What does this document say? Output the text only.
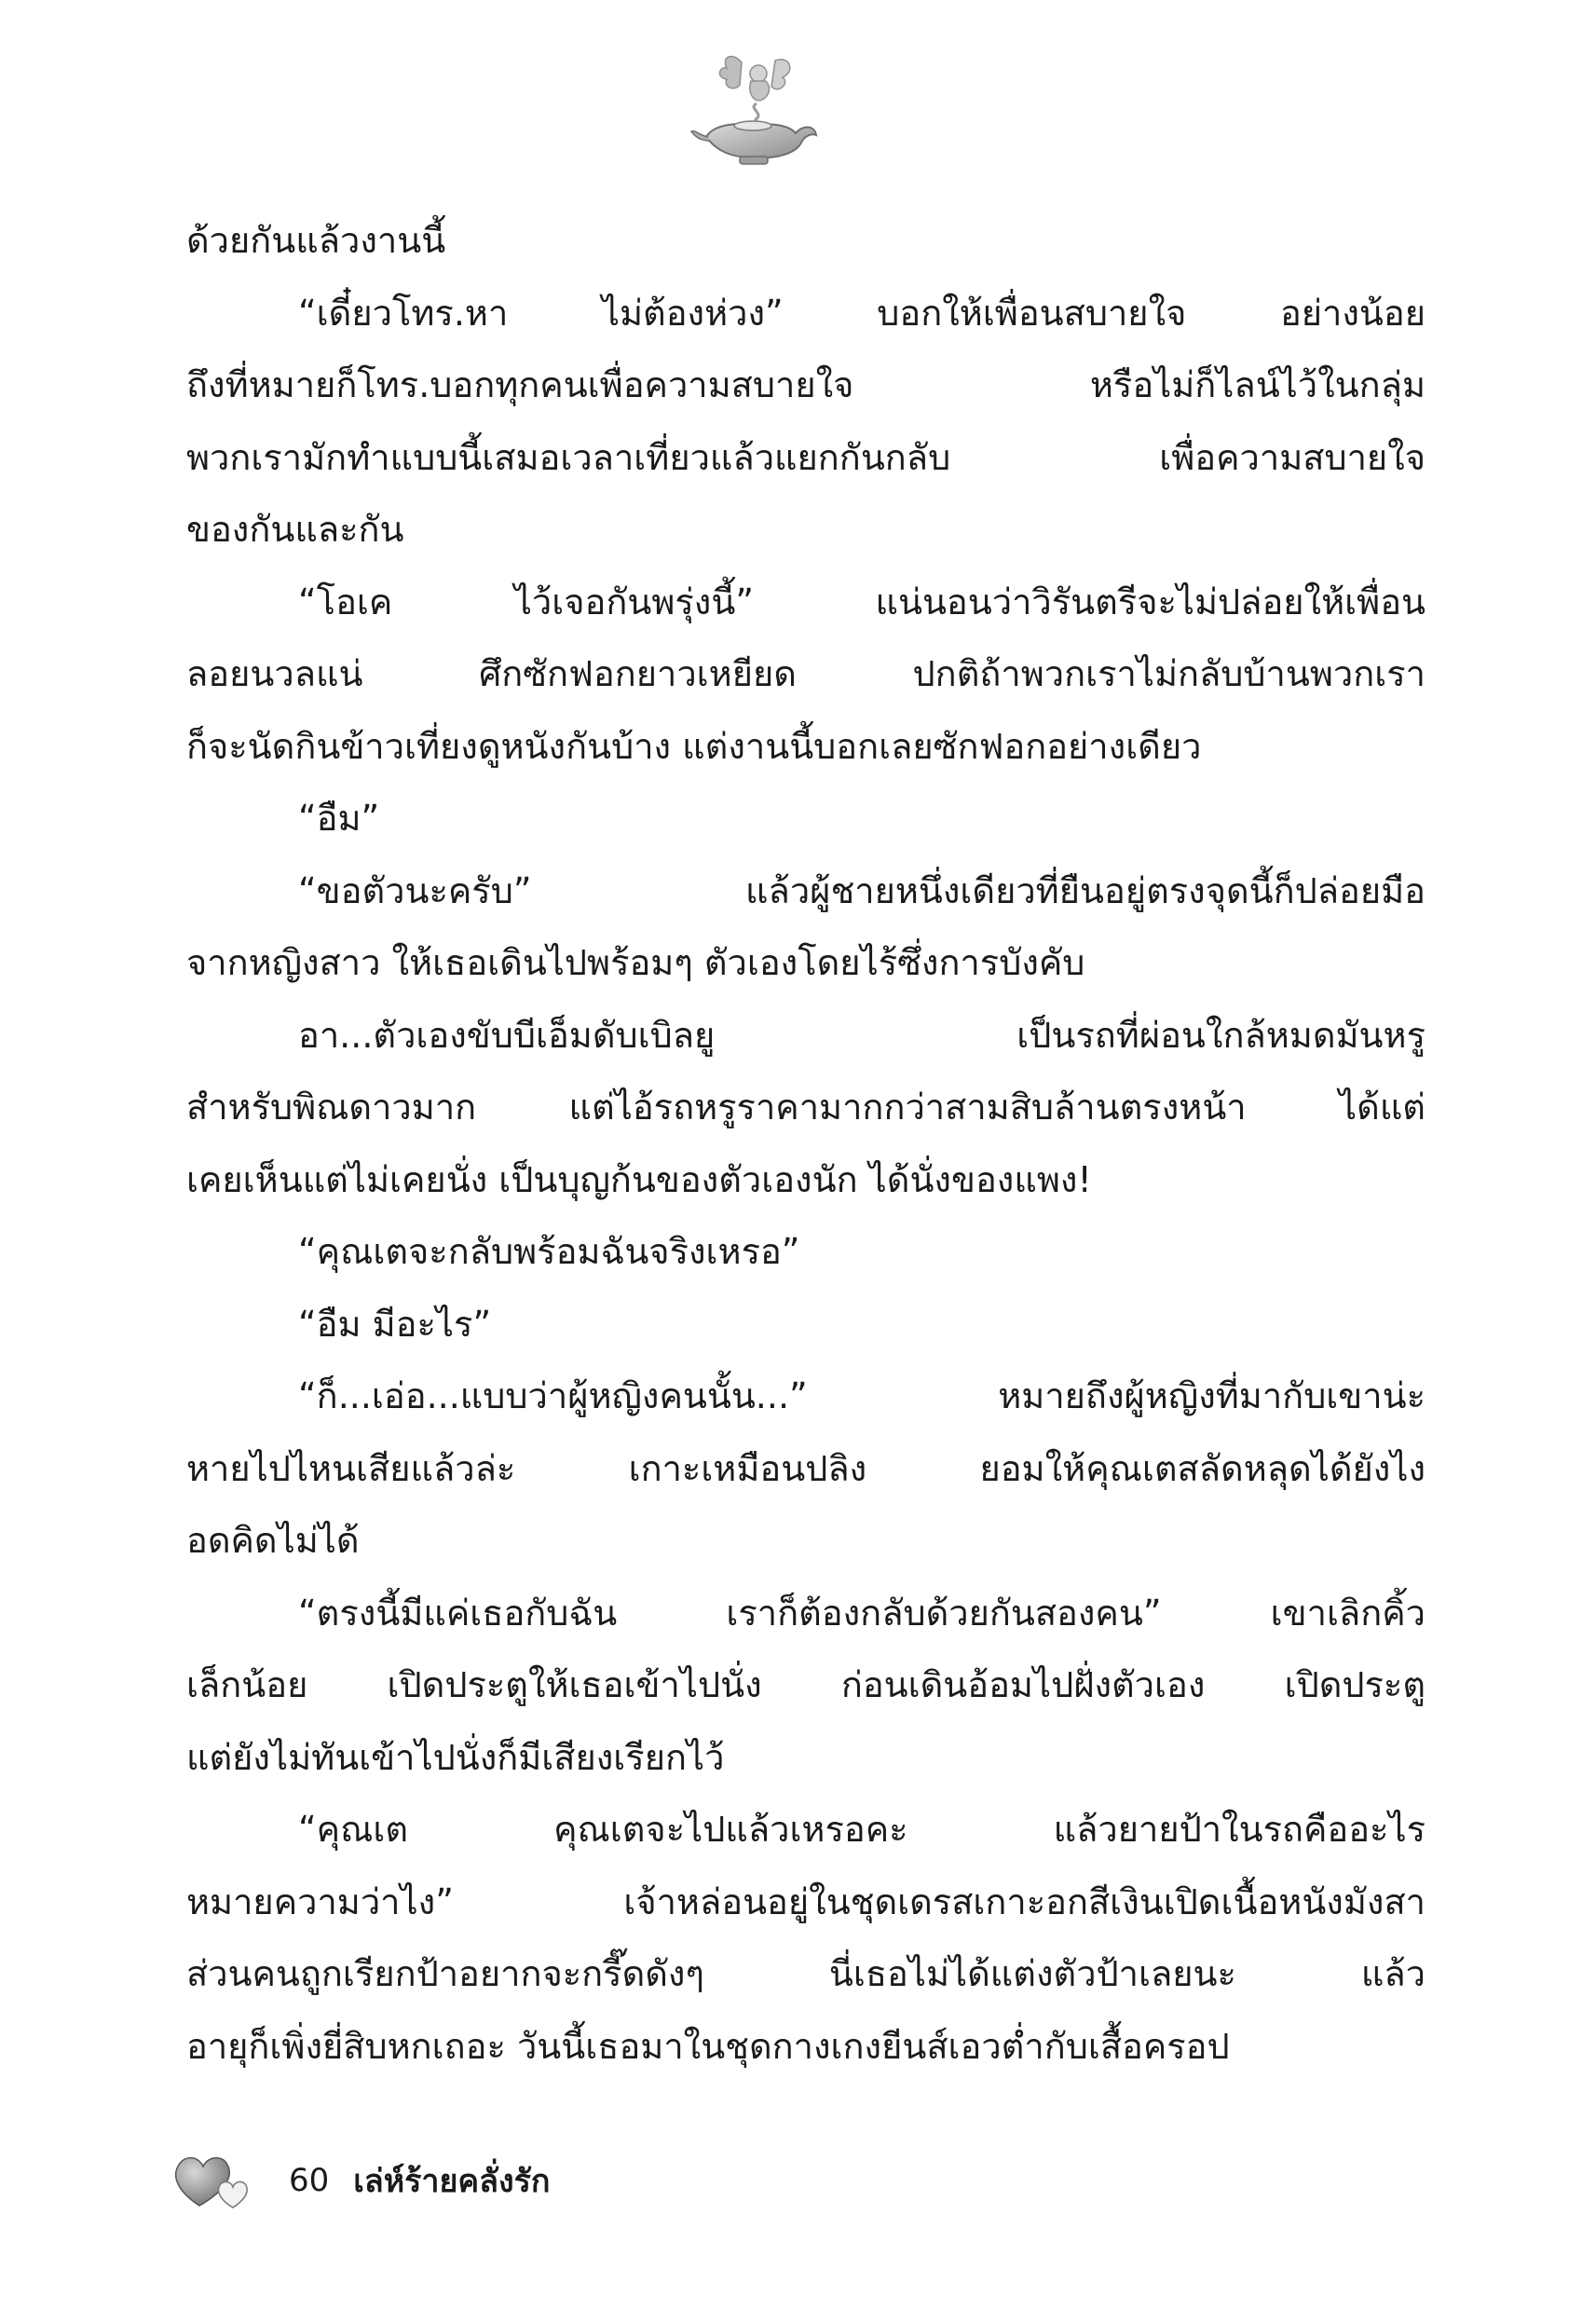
ด้วยกันแล้วงานนี้
“เดี๋ยวโทร.หา ไม่ต้องห่วง” บอกให้เพื่อนสบายใจ อย่างน้อย
ถึงที่หมายก็โทร.บอกทุกคนเพื่อความสบายใจ หรือไม่ก็ไลน์ไว้ในกลุ่ม
พวกเรามักทำแบบนี้เสมอเวลาเที่ยวแล้วแยกกันกลับ เพื่อความสบายใจ
ของกันและกัน
“โอเค ไว้เจอกันพรุ่งนี้” แน่นอนว่าวิรันตรีจะไม่ปล่อยให้เพื่อน
ลอยนวลแน่ ศึกซักฟอกยาวเหยียด ปกติถ้าพวกเราไม่กลับบ้านพวกเรา
ก็จะนัดกินข้าวเที่ยงดูหนังกันบ้าง แต่งานนี้บอกเลยซักฟอกอย่างเดียว
“อืม”
“ขอตัวนะครับ” แล้วผู้ชายหนึ่งเดียวที่ยืนอยู่ตรงจุดนี้ก็ปล่อยมือ
จากหญิงสาว ให้เธอเดินไปพร้อมๆ ตัวเองโดยไร้ซึ่งการบังคับ
อา...ตัวเองขับบีเอ็มดับเบิลยู เป็นรถที่ผ่อนใกล้หมดมันหรู
สำหรับพิณดาวมาก แต่ไอ้รถหรูราคามากกว่าสามสิบล้านตรงหน้า ได้แต่
เคยเห็นแต่ไม่เคยนั่ง เป็นบุญก้นของตัวเองนัก ได้นั่งของแพง!
“คุณเตจะกลับพร้อมฉันจริงเหรอ”
“อืม มีอะไร”
“ก็...เอ่อ...แบบว่าผู้หญิงคนนั้น...” หมายถึงผู้หญิงที่มากับเขาน่ะ
หายไปไหนเสียแล้วล่ะ เกาะเหมือนปลิง ยอมให้คุณเตสลัดหลุดได้ยังไง
อดคิดไม่ได้
“ตรงนี้มีแค่เธอกับฉัน เราก็ต้องกลับด้วยกันสองคน” เขาเลิกคิ้ว
เล็กน้อย เปิดประตูให้เธอเข้าไปนั่ง ก่อนเดินอ้อมไปฝั่งตัวเอง เปิดประตู
แต่ยังไม่ทันเข้าไปนั่งก็มีเสียงเรียกไว้
“คุณเต คุณเตจะไปแล้วเหรอคะ แล้วยายป้าในรถคืออะไร
หมายความว่าไง” เจ้าหล่อนอยู่ในชุดเดรสเกาะอกสีเงินเปิดเนื้อหนังมังสา
ส่วนคนถูกเรียกป้าอยากจะกรี๊ดดังๆ นี่เธอไม่ได้แต่งตัวป้าเลยนะ แล้ว
อายุก็เพิ่งยี่สิบหกเถอะ วันนี้เธอมาในชุดกางเกงยีนส์เอวต่ำกับเสื้อครอป
60 เล่ห์ร้ายคลั่งรัก
